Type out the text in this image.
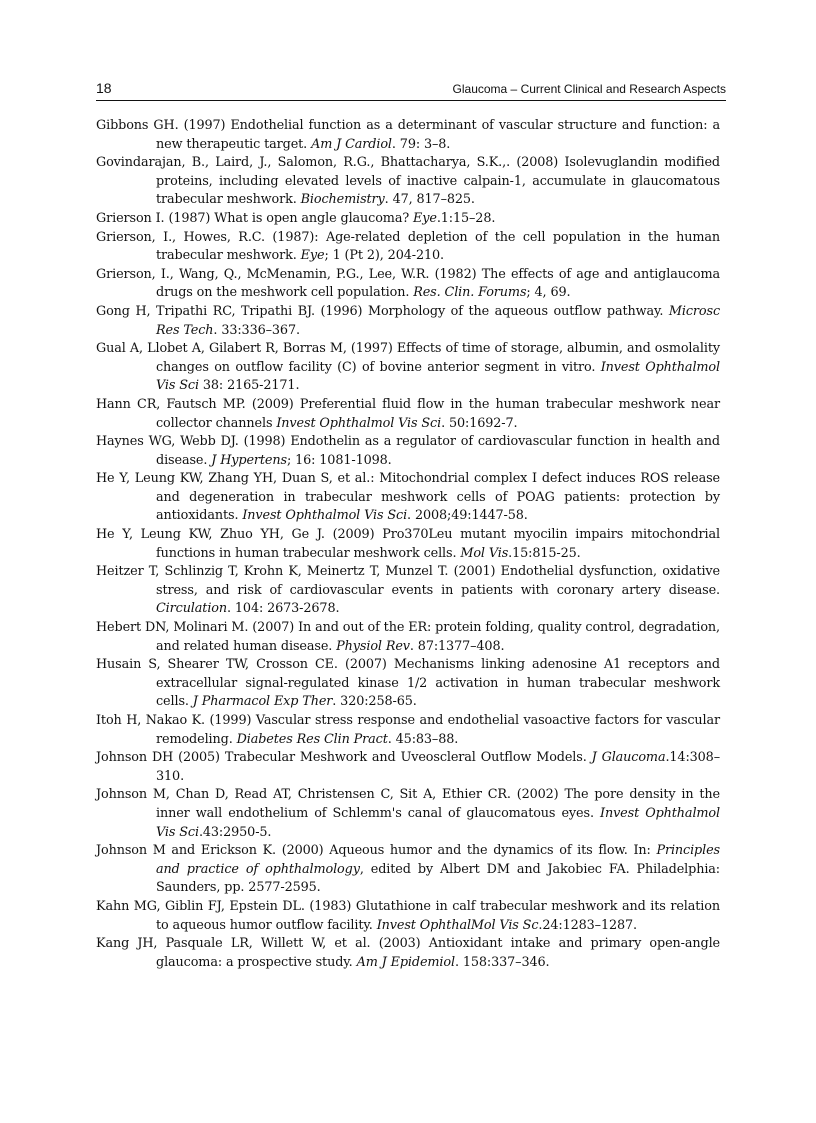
18	Glaucoma – Current Clinical and Research Aspects
Gibbons GH. (1997) Endothelial function as a determinant of vascular structure and function: a new therapeutic target. Am J Cardiol. 79: 3–8.
Govindarajan, B., Laird, J., Salomon, R.G., Bhattacharya, S.K.,. (2008) Isolevuglandin modified proteins, including elevated levels of inactive calpain-1, accumulate in glaucomatous trabecular meshwork. Biochemistry. 47, 817–825.
Grierson I. (1987) What is open angle glaucoma? Eye.1:15–28.
Grierson, I., Howes, R.C. (1987): Age-related depletion of the cell population in the human trabecular meshwork. Eye; 1 (Pt 2), 204-210.
Grierson, I., Wang, Q., McMenamin, P.G., Lee, W.R. (1982) The effects of age and antiglaucoma drugs on the meshwork cell population. Res. Clin. Forums; 4, 69.
Gong H, Tripathi RC, Tripathi BJ. (1996) Morphology of the aqueous outflow pathway. Microsc Res Tech. 33:336–367.
Gual A, Llobet A, Gilabert R, Borras M, (1997) Effects of time of storage, albumin, and osmolality changes on outflow facility (C) of bovine anterior segment in vitro. Invest Ophthalmol Vis Sci 38: 2165-2171.
Hann CR, Fautsch MP. (2009) Preferential fluid flow in the human trabecular meshwork near collector channels Invest Ophthalmol Vis Sci. 50:1692-7.
Haynes WG, Webb DJ. (1998) Endothelin as a regulator of cardiovascular function in health and disease. J Hypertens; 16: 1081-1098.
He Y, Leung KW, Zhang YH, Duan S, et al.: Mitochondrial complex I defect induces ROS release and degeneration in trabecular meshwork cells of POAG patients: protection by antioxidants. Invest Ophthalmol Vis Sci. 2008;49:1447-58.
He Y, Leung KW, Zhuo YH, Ge J. (2009) Pro370Leu mutant myocilin impairs mitochondrial functions in human trabecular meshwork cells. Mol Vis.15:815-25.
Heitzer T, Schlinzig T, Krohn K, Meinertz T, Munzel T. (2001) Endothelial dysfunction, oxidative stress, and risk of cardiovascular events in patients with coronary artery disease. Circulation. 104: 2673-2678.
Hebert DN, Molinari M. (2007) In and out of the ER: protein folding, quality control, degradation, and related human disease. Physiol Rev. 87:1377–408.
Husain S, Shearer TW, Crosson CE. (2007) Mechanisms linking adenosine A1 receptors and extracellular signal-regulated kinase 1/2 activation in human trabecular meshwork cells. J Pharmacol Exp Ther. 320:258-65.
Itoh H, Nakao K. (1999) Vascular stress response and endothelial vasoactive factors for vascular remodeling. Diabetes Res Clin Pract. 45:83–88.
Johnson DH (2005) Trabecular Meshwork and Uveoscleral Outflow Models. J Glaucoma.14:308–310.
Johnson M, Chan D, Read AT, Christensen C, Sit A, Ethier CR. (2002) The pore density in the inner wall endothelium of Schlemm's canal of glaucomatous eyes. Invest Ophthalmol Vis Sci.43:2950-5.
Johnson M and Erickson K. (2000) Aqueous humor and the dynamics of its flow. In: Principles and practice of ophthalmology, edited by Albert DM and Jakobiec FA. Philadelphia: Saunders, pp. 2577-2595.
Kahn MG, Giblin FJ, Epstein DL. (1983) Glutathione in calf trabecular meshwork and its relation to aqueous humor outflow facility. Invest OphthalMol Vis Sc.24:1283–1287.
Kang JH, Pasquale LR, Willett W, et al. (2003) Antioxidant intake and primary open-angle glaucoma: a prospective study. Am J Epidemiol. 158:337–346.
